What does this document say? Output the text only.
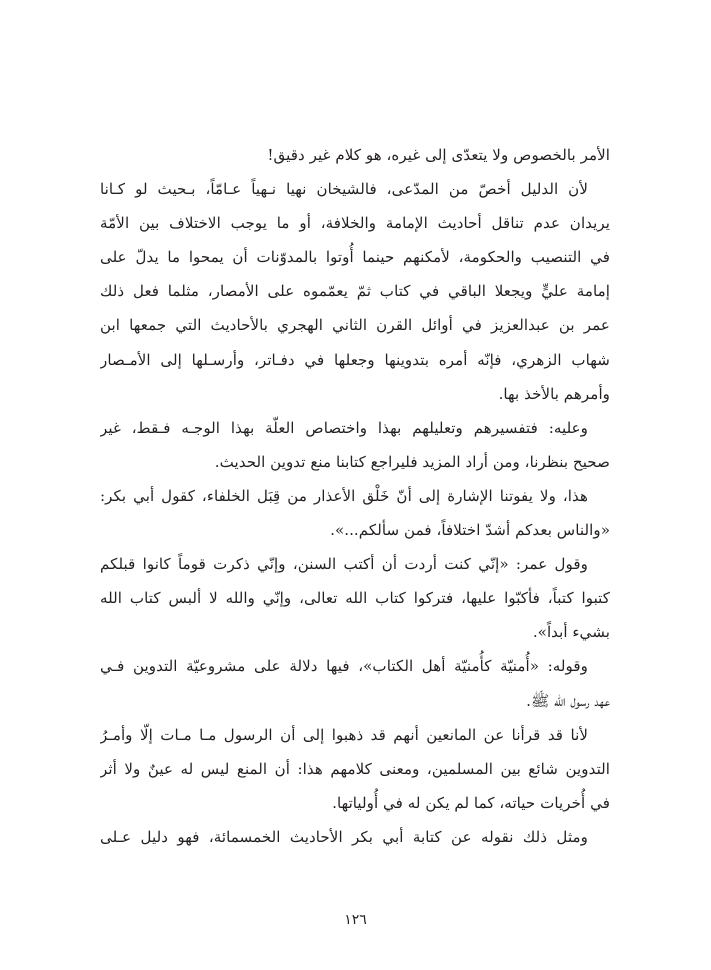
الأمر بالخصوص ولا يتعدّى إلى غيره، هو كلام غير دقيق!
لأن الدليل أخصّ من المدّعى، فالشيخان نهيا نـهياً عـامّاً، بـحيث لو كـانا
يريدان عدم تناقل أحاديث الإمامة والخلافة، أو ما يوجب الاختلاف بين الأمّة
في التنصيب والحكومة، لأمكنهم حينما أُوتوا بالمدوّنات أن يمحوا ما يدلّ على
إمامة عليٍّ ويجعلا الباقي في كتاب ثمّ يعمّموه على الأمصار، مثلما فعل ذلك
عمر بن عبدالعزيز في أوائل القرن الثاني الهجري بالأحاديث التي جمعها ابن
شهاب الزهري، فإنّه أمره بتدوينها وجعلها في دفـاتر، وأرسـلها إلى الأمـصار
وأمرهم بالأخذ بها.
وعليه: فتفسيرهم وتعليلهم بهذا واختصاص العلّة بهذا الوجـه فـقط، غير
صحيح بنظرنا، ومن أراد المزيد فليراجع كتابنا منع تدوين الحديث.
هذا، ولا يفوتنا الإشارة إلى أنّ خَلْق الأعذار من قِبَل الخلفاء، كقول أبي بكر:
«والناس بعدكم أشدّ اختلافاً، فمن سألكم...».
وقول عمر: «إنّي كنت أردت أن أكتب السنن، وإنّي ذكرت قوماً كانوا قبلكم
كتبوا كتباً، فأكبّوا عليها، فتركوا كتاب الله تعالى، وإنّي والله لا ألبس كتاب الله
بشيء أبداً».
وقوله: «أُمنيّة كأُمنيّة أهل الكتاب»، فيها دلالة على مشروعيّة التدوين فـي
عهد رسول الله ﷺ.
لأنا قد قرأنا عن المانعين أنهم قد ذهبوا إلى أن الرسول مـا مـات إلّا وأمـرُ
التدوين شائع بين المسلمين، ومعنى كلامهم هذا: أن المنع ليس له عينٌ ولا أثر
في أُخريات حياته، كما لم يكن له في أُولياتها.
ومثل ذلك نقوله عن كتابة أبي بكر الأحاديث الخمسمائة، فهو دليل عـلى
١٢٦
